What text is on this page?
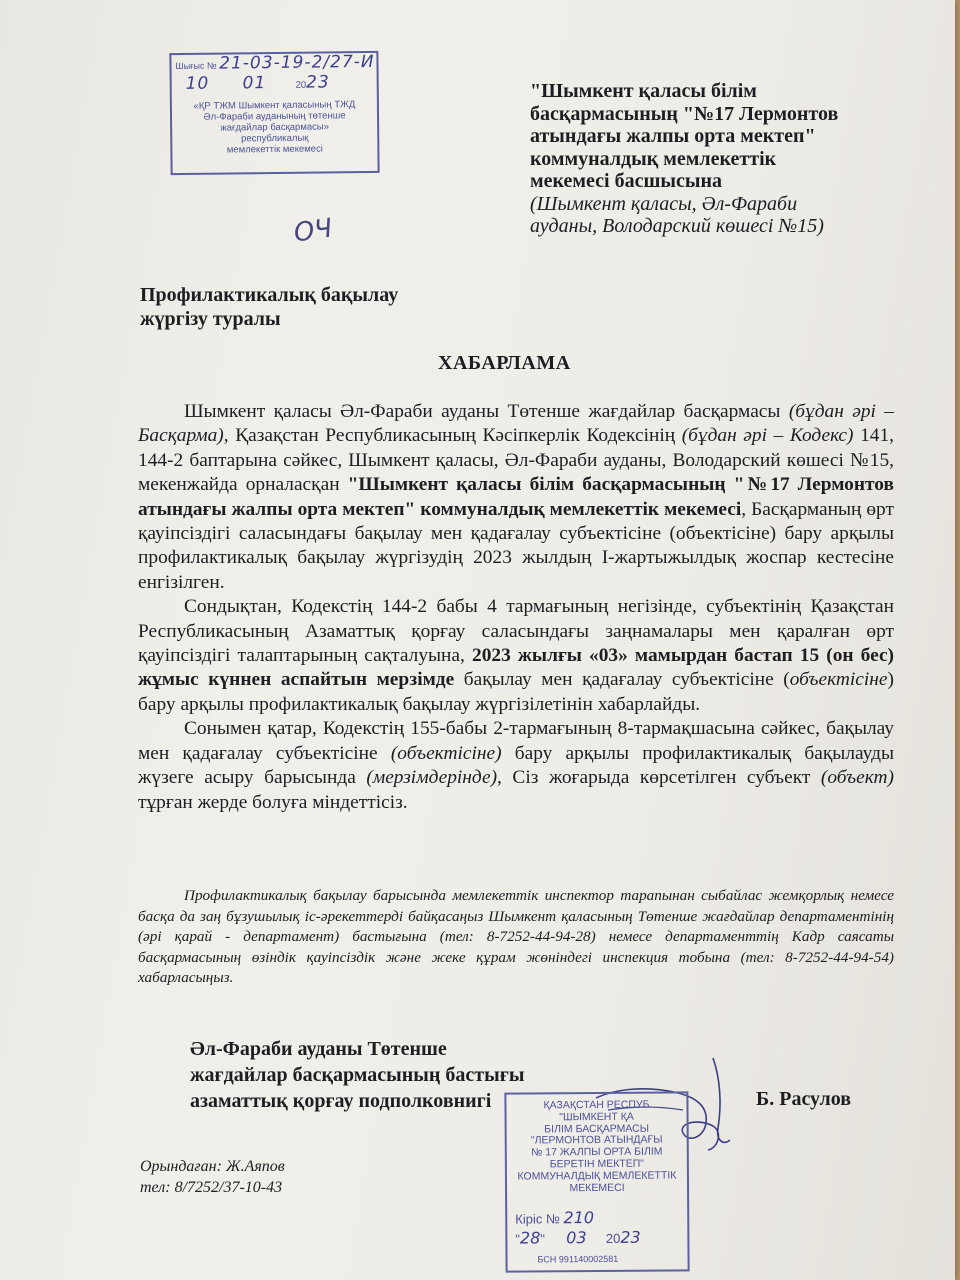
Шығыс № 21-03-19-2/27-И
10 01	2023
«ҚР ТЖМ Шымкент қаласының ТЖД
Әл-Фараби ауданының төтенше
жағдайлар басқармасы»
республикалық
мемлекеттік мекемесі
ОЧ
"Шымкент қаласы білім
басқармасының "№17 Лермонтов
атындағы жалпы орта мектеп"
коммуналдық мемлекеттік
мекемесі басшысына
(Шымкент қаласы, Әл-Фараби
ауданы, Володарский көшесі №15)
Профилактикалық бақылау
жүргізу туралы
ХАБАРЛАМА

Шымкент қаласы Әл-Фараби ауданы Төтенше жағдайлар басқармасы (бұдан әрі – Басқарма), Қазақстан Республикасының Кәсіпкерлік Кодексінің (бұдан әрі – Кодекс) 141, 144-2 баптарына сәйкес, Шымкент қаласы, Әл-Фараби ауданы, Володарский көшесі №15, мекенжайда орналасқан "Шымкент қаласы білім басқармасының "№17 Лермонтов атындағы жалпы орта мектеп" коммуналдық мемлекеттік мекемесі, Басқарманың өрт қауіпсіздігі саласындағы бақылау мен қадағалау субъектісіне (объектісіне) бару арқылы профилактикалық бақылау жүргізудің 2023 жылдың I-жартыжылдық жоспар кестесіне енгізілген.

Сондықтан, Кодекстің 144-2 бабы 4 тармағының негізінде, субъектінің Қазақстан Республикасының Азаматтық қорғау саласындағы заңнамалары мен қаралған өрт қауіпсіздігі талаптарының сақталуына, 2023 жылғы «03» мамырдан бастап 15 (он бес) жұмыс күннен аспайтын мерзімде бақылау мен қадағалау субъектісіне (объектісіне) бару арқылы профилактикалық бақылау жүргізілетінін хабарлайды.

Сонымен қатар, Кодекстің 155-бабы 2-тармағының 8-тармақшасына сәйкес, бақылау мен қадағалау субъектісіне (объектісіне) бару арқылы профилактикалық бақылауды жүзеге асыру барысында (мерзімдерінде), Сіз жоғарыда көрсетілген субъект (объект) тұрған жерде болуға міндеттісіз.

Профилактикалық бақылау барысында мемлекеттік инспектор тарапынан сыбайлас жемқорлық немесе басқа да заң бұзушылық іс-әрекеттерді байқасаңыз Шымкент қаласының Төтенше жағдайлар департаментінің (әрі қарай - департамент) бастығына (тел: 8-7252-44-94-28) немесе департаменттің Кадр саясаты басқармасының өзіндік қауіпсіздік және жеке құрам жөніндегі инспекция тобына (тел: 8-7252-44-94-54) хабарласыңыз.

Әл-Фараби ауданы Төтенше
жағдайлар басқармасының бастығы
азаматтық қорғау подполковнигі	Б. Расулов
ҚАЗАҚСТАН РЕСПУБ
"ШЫМКЕНТ ҚА
БІЛІМ БАСҚАРМАСЫ
"ЛЕРМОНТОВ АТЫНДАҒЫ
№ 17 ЖАЛПЫ ОРТА БІЛІМ
БЕРЕТІН МЕКТЕП"
КОММУНАЛДЫҚ МЕМЛЕКЕТТІК
МЕКЕМЕСІ
Кіріс № 210
"28" 03 2023
БСН 991140002581
Орындаған: Ж.Аяпов
тел: 8/7252/37-10-43
